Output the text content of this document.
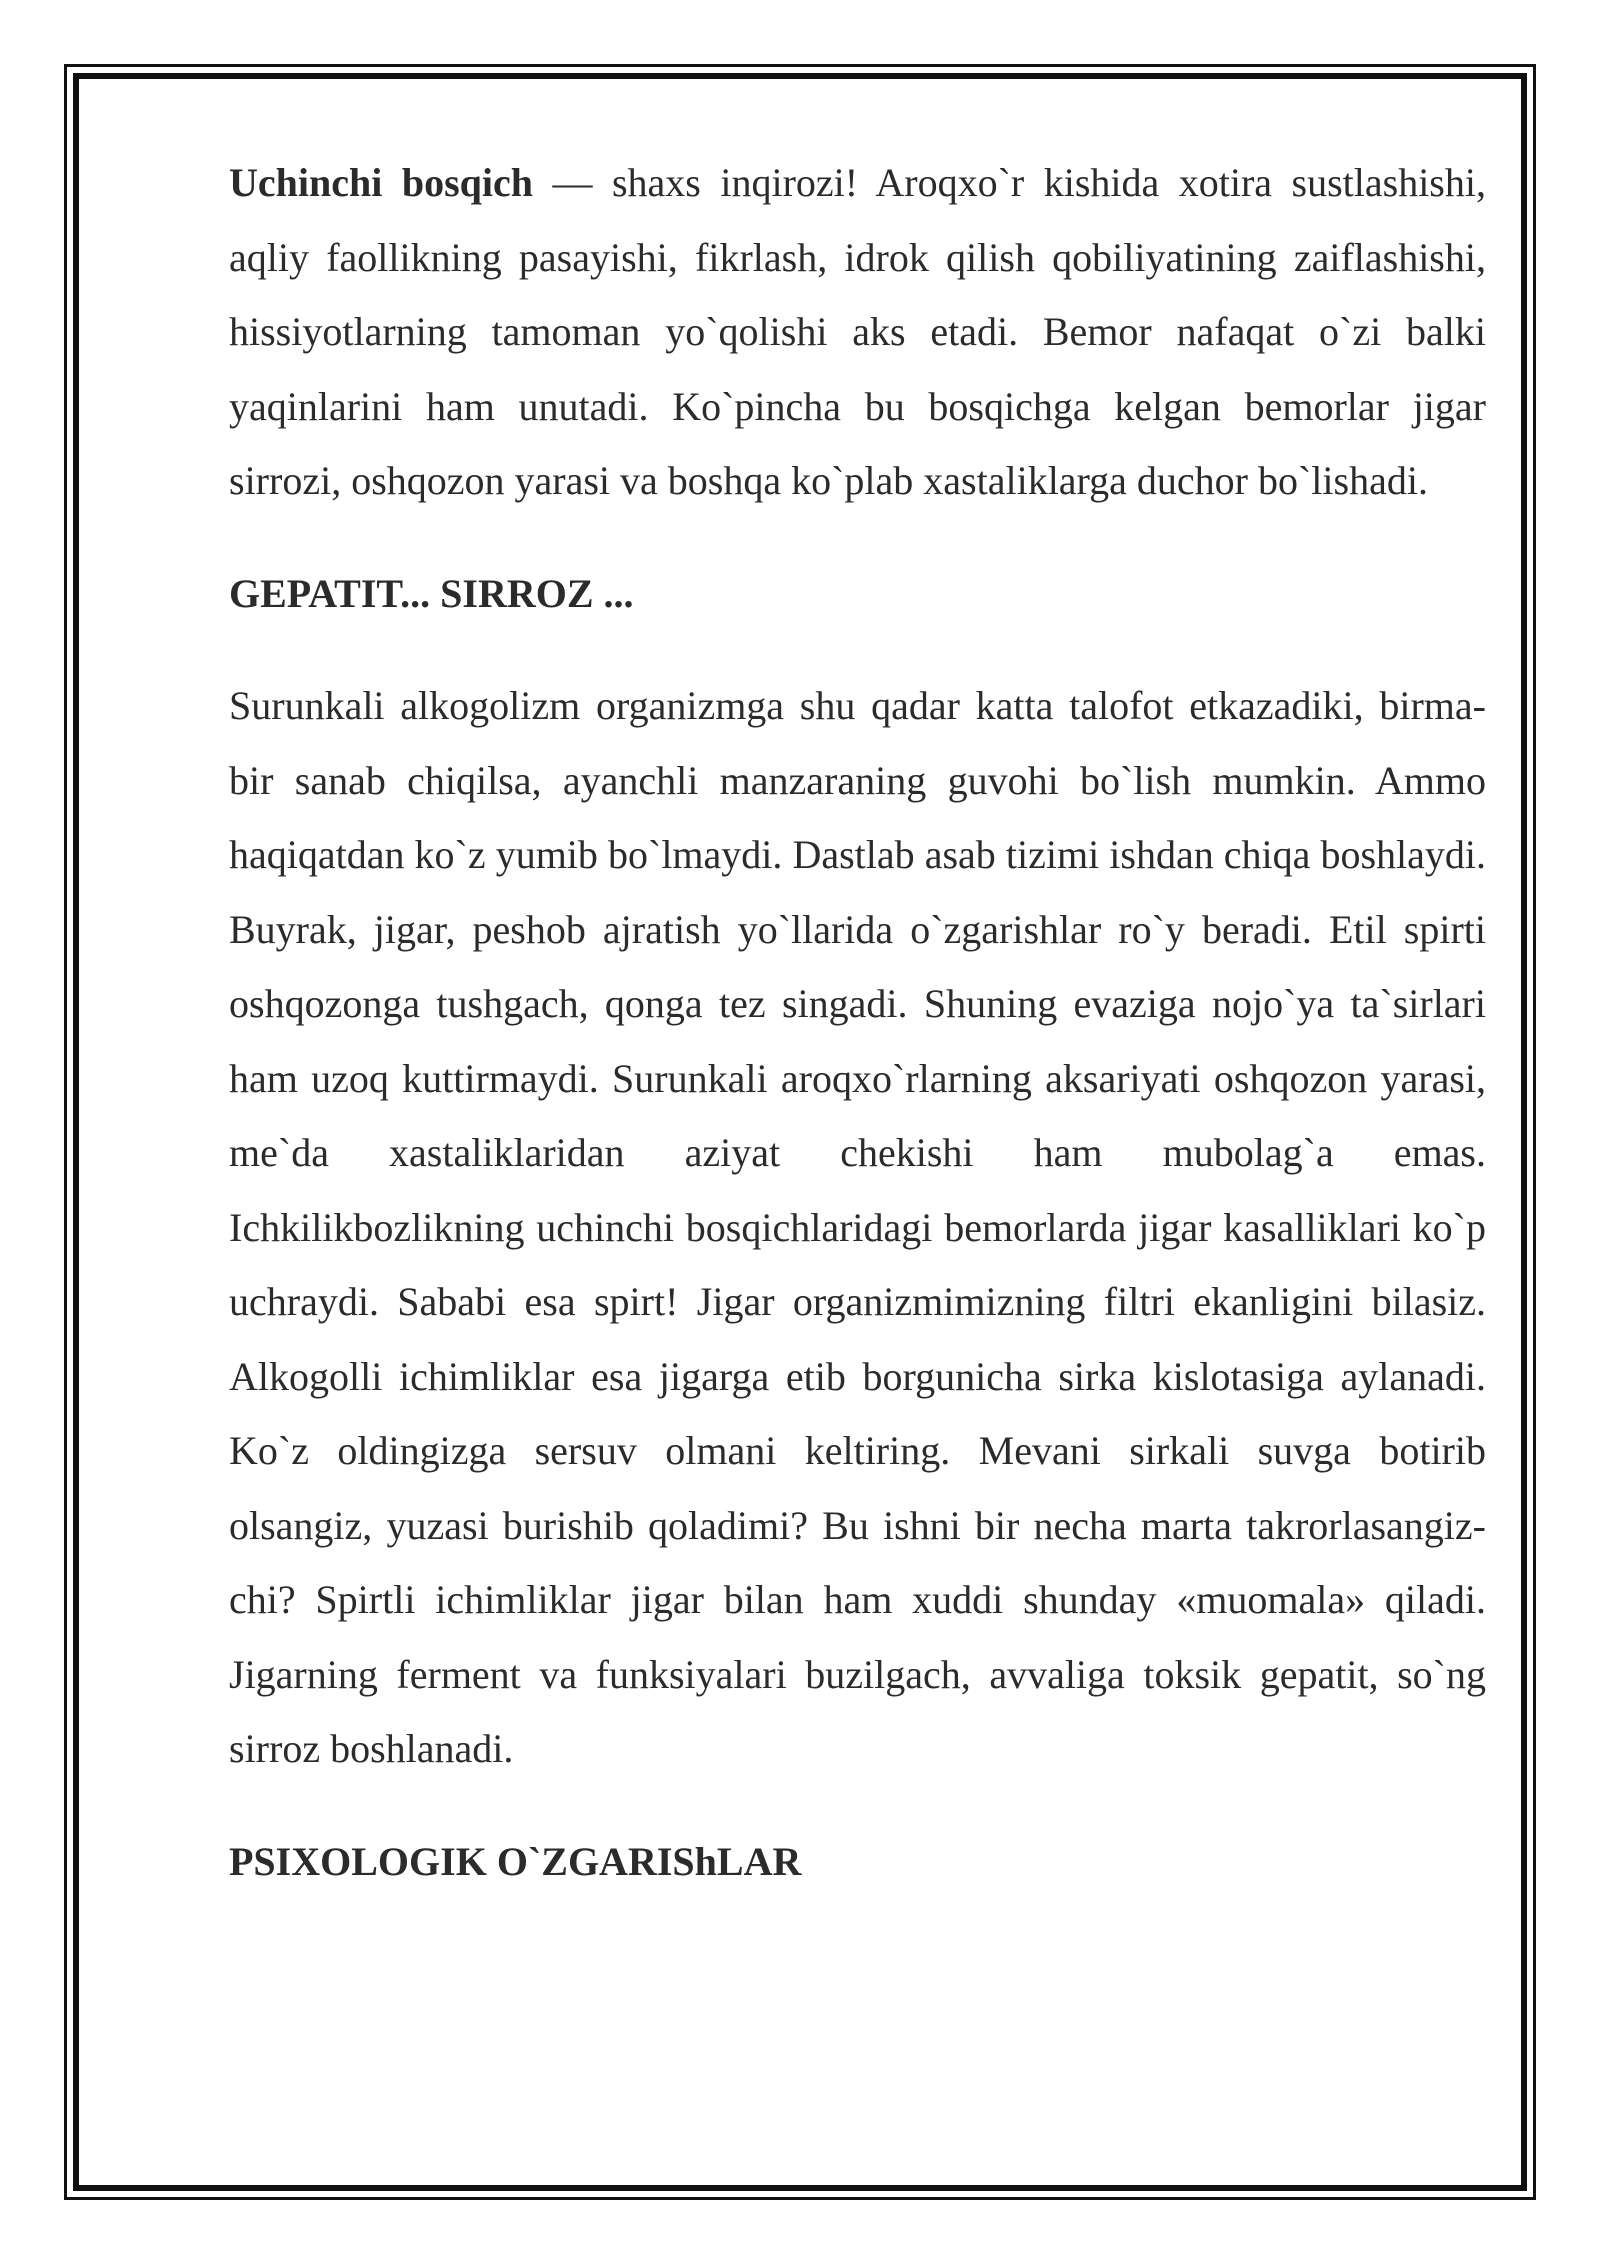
Uchinchi bosqich — shaxs inqirozi! Aroqxo`r kishida xotira sustlashishi, aqliy faollikning pasayishi, fikrlash, idrok qilish qobiliyatining zaiflashishi, hissiyotlarning tamoman yo`qolishi aks etadi. Bemor nafaqat o`zi balki yaqinlarini ham unutadi. Ko`pincha bu bosqichga kelgan bemorlar jigar sirrozi, oshqozon yarasi va boshqa ko`plab xastaliklarga duchor bo`lishadi.

GEPATIT... SIRROZ ...

Surunkali alkogolizm organizmga shu qadar katta talofot etkazadiki, birma- bir sanab chiqilsa, ayanchli manzaraning guvohi bo`lish mumkin. Ammo haqiqatdan ko`z yumib bo`lmaydi. Dastlab asab tizimi ishdan chiqa boshlaydi. Buyrak, jigar, peshob ajratish yo`llarida o`zgarishlar ro`y beradi. Etil spirti oshqozonga tushgach, qonga tez singadi. Shuning evaziga nojo`ya ta`sirlari ham uzoq kuttirmaydi. Surunkali aroqxo`rlarning aksariyati oshqozon yarasi, me`da xastaliklaridan aziyat chekishi ham mubolag`a emas. Ichkilikbozlikning uchinchi bosqichlaridagi bemorlarda jigar kasalliklari ko`p uchraydi. Sababi esa spirt! Jigar organizmimizning filtri ekanligini bilasiz. Alkogolli ichimliklar esa jigarga etib borgunicha sirka kislotasiga aylanadi. Ko`z oldingizga sersuv olmani keltiring. Mevani sirkali suvga botirib olsangiz, yuzasi burishib qoladimi? Bu ishni bir necha marta takrorlasangiz-chi? Spirtli ichimliklar jigar bilan ham xuddi shunday «muomala» qiladi. Jigarning ferment va funksiyalari buzilgach, avvaliga toksik gepatit, so`ng sirroz boshlanadi.

PSIXOLOGIK O`ZGARIShLAR
